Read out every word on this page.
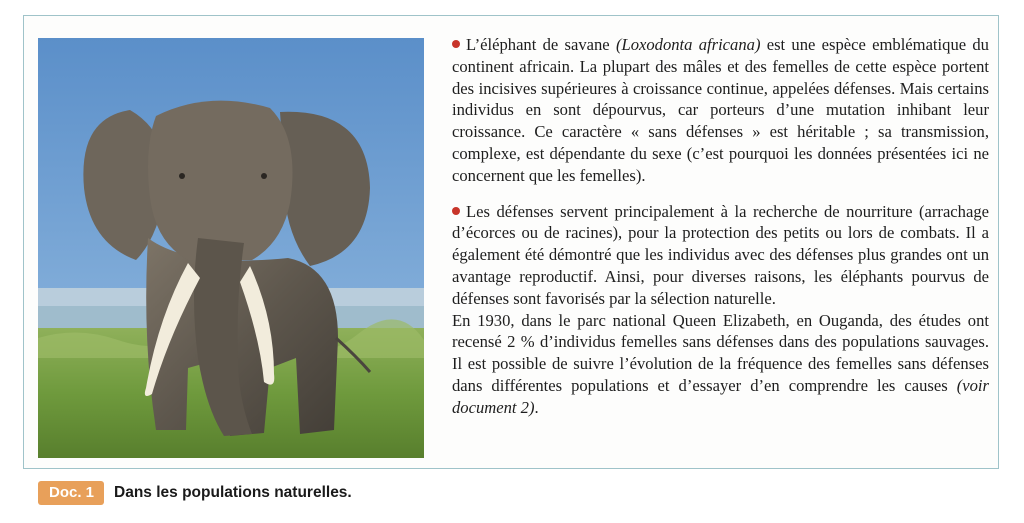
L’éléphant de savane (Loxodonta africana) est une espèce emblématique du continent africain. La plupart des mâles et des femelles de cette espèce portent des incisives supérieures à croissance continue, appelées défenses. Mais certains individus en sont dépourvus, car porteurs d’une mutation inhibant leur croissance. Ce caractère « sans défenses » est héritable ; sa transmission, complexe, est dépendante du sexe (c’est pourquoi les données présentées ici ne concernent que les femelles).

Les défenses servent principalement à la recherche de nourriture (arrachage d’écorces ou de racines), pour la protection des petits ou lors de combats. Il a également été démontré que les individus avec des défenses plus grandes ont un avantage reproductif. Ainsi, pour diverses raisons, les éléphants pourvus de défenses sont favorisés par la sélection naturelle.

En 1930, dans le parc national Queen Elizabeth, en Ouganda, des études ont recensé 2 % d’individus femelles sans défenses dans des populations sauvages. Il est possible de suivre l’évolution de la fréquence des femelles sans défenses dans différentes populations et d’essayer d’en comprendre les causes (voir document 2).

Doc. 1	Dans les populations naturelles.
